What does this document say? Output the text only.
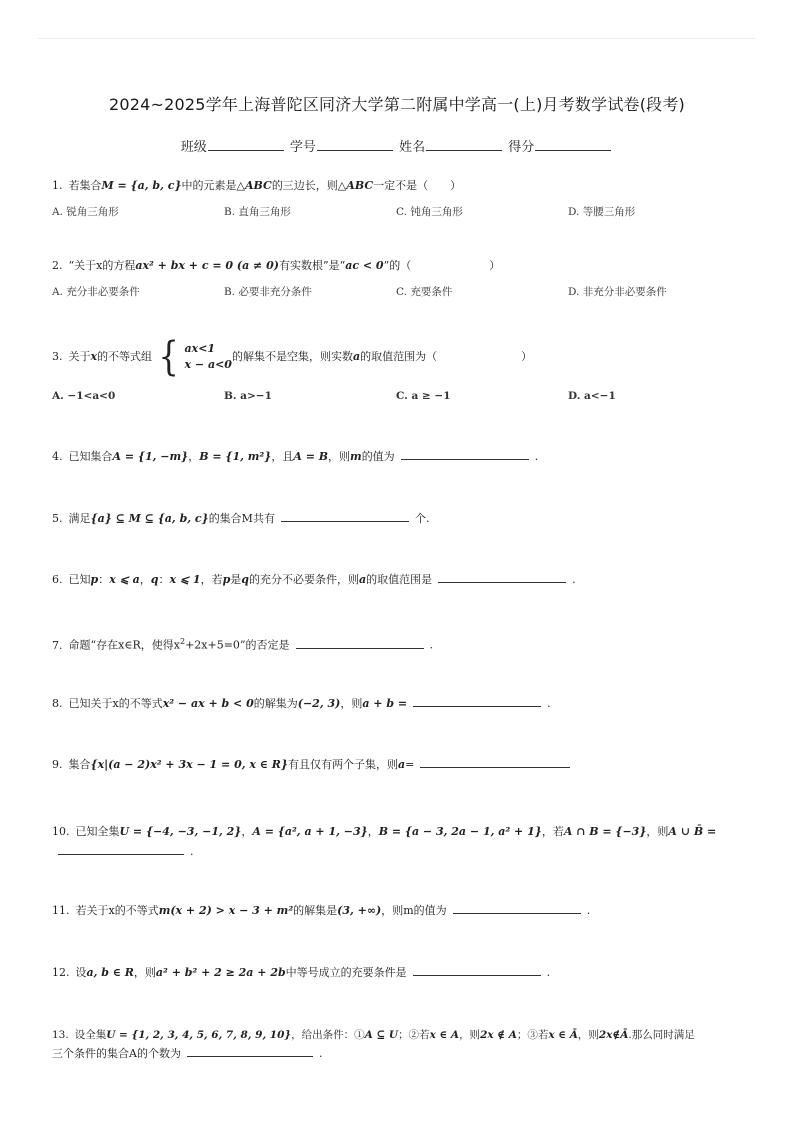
2024~2025学年上海普陀区同济大学第二附属中学高一(上)月考数学试卷(段考)
班级	学号	姓名	得分
1. 若集合M = {a, b, c}中的元素是△ABC的三边长，则△ABC一定不是（　　）
A. 锐角三角形	B. 直角三角形	C. 钝角三角形	D. 等腰三角形
2. “关于x的方程ax² + bx + c = 0 (a ≠ 0)有实数根”是“ac < 0”的（	）
A. 充分非必要条件	B. 必要非充分条件	C. 充要条件	D. 非充分非必要条件
3. 关于x的不等式组 { ax<1
x − a<0
的解集不是空集，则实数a的取值范围为（	）
A. −1<a<0	B. a>−1	C. a ≥ −1	D. a<−1
4. 已知集合A = {1, −m}，B = {1, m²}，且A = B，则m的值为	.
5. 满足{a} ⊆ M ⊆ {a, b, c}的集合M共有	个.
6. 已知p：x ⩽ a，q：x ⩽ 1，若p是q的充分不必要条件，则a的取值范围是	.
7. 命题“存在x∈R，使得$x^2+2x+5=0$”的否定是	.
8. 已知关于x的不等式x² − ax + b < 0的解集为(−2, 3)，则a + b =	.
9. 集合{x|(a − 2)x² + 3x − 1 = 0, x ∈ R}有且仅有两个子集，则a=
10. 已知全集U = {−4, −3, −1, 2}，A = {a², a + 1, −3}，B = {a − 3, 2a − 1, a² + 1}，若A ∩ B = {−3}，则A ∪ B̄ =
.
11. 若关于x的不等式m(x + 2) > x − 3 + m²的解集是(3, +∞)，则m的值为	.
12. 设a, b ∈ R，则a² + b² + 2 ≥ 2a + 2b中等号成立的充要条件是	.
13. 设全集U = {1, 2, 3, 4, 5, 6, 7, 8, 9, 10}，给出条件：①A ⊆ U；②若x ∈ A，则2x ∉ A；③若x ∈ Ā，则2x∉Ā.那么同时满足
三个条件的集合A的个数为	.
